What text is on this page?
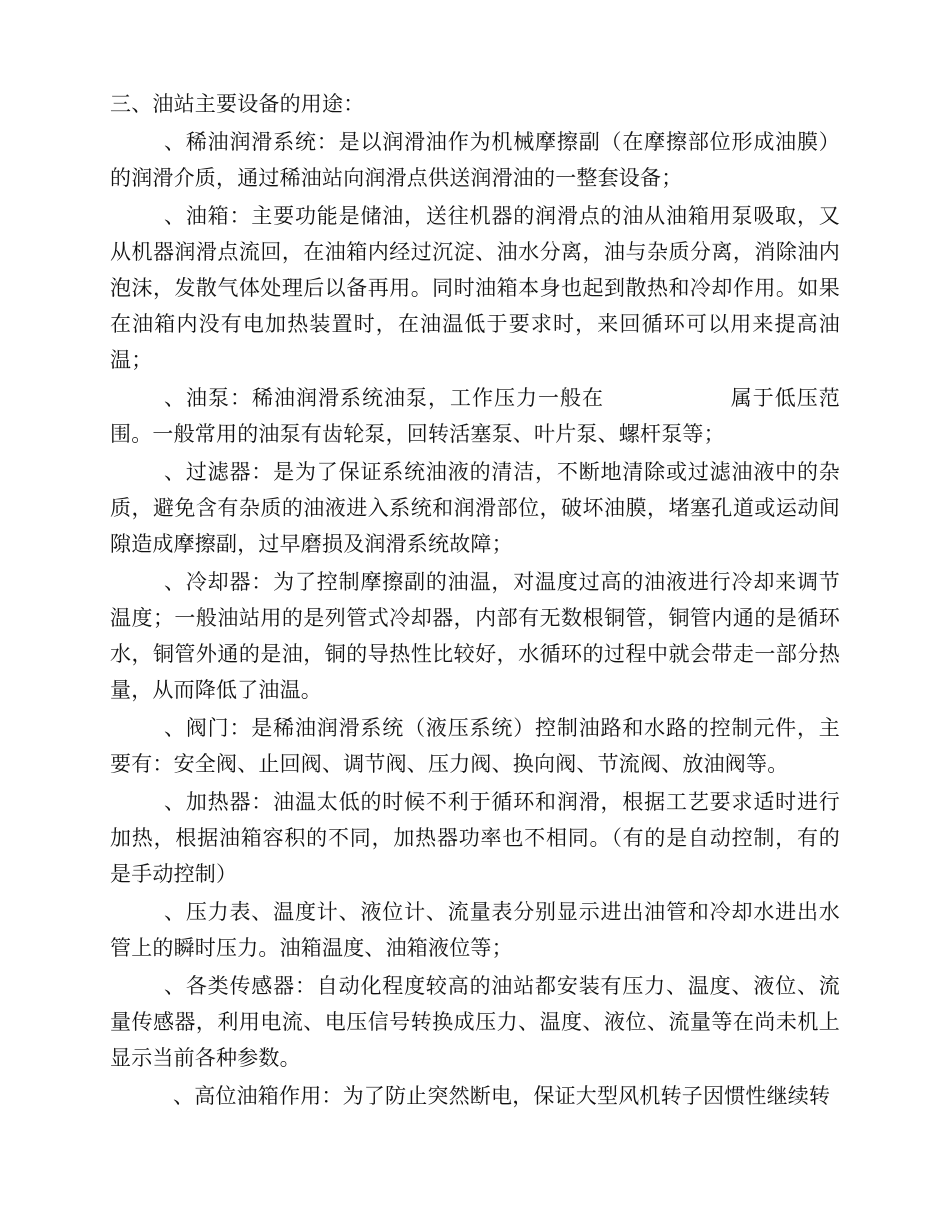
三、油站主要设备的用途：

、稀油润滑系统：是以润滑油作为机械摩擦副（在摩擦部位形成油膜）的润滑介质，通过稀油站向润滑点供送润滑油的一整套设备；

、油箱：主要功能是储油，送往机器的润滑点的油从油箱用泵吸取，又从机器润滑点流回，在油箱内经过沉淀、油水分离，油与杂质分离，消除油内泡沫，发散气体处理后以备再用。同时油箱本身也起到散热和冷却作用。如果在油箱内没有电加热装置时，在油温低于要求时，来回循环可以用来提高油温；

、油泵：稀油润滑系统油泵，工作压力一般在	属于低压范围。一般常用的油泵有齿轮泵，回转活塞泵、叶片泵、螺杆泵等；

、过滤器：是为了保证系统油液的清洁，不断地清除或过滤油液中的杂质，避免含有杂质的油液进入系统和润滑部位，破坏油膜，堵塞孔道或运动间隙造成摩擦副，过早磨损及润滑系统故障；

、冷却器：为了控制摩擦副的油温，对温度过高的油液进行冷却来调节温度；一般油站用的是列管式冷却器，内部有无数根铜管，铜管内通的是循环水，铜管外通的是油，铜的导热性比较好，水循环的过程中就会带走一部分热量，从而降低了油温。

、阀门：是稀油润滑系统（液压系统）控制油路和水路的控制元件，主要有：安全阀、止回阀、调节阀、压力阀、换向阀、节流阀、放油阀等。

、加热器：油温太低的时候不利于循环和润滑，根据工艺要求适时进行加热，根据油箱容积的不同，加热器功率也不相同。（有的是自动控制，有的是手动控制）

、压力表、温度计、液位计、流量表分别显示进出油管和冷却水进出水管上的瞬时压力。油箱温度、油箱液位等；

、各类传感器：自动化程度较高的油站都安装有压力、温度、液位、流量传感器，利用电流、电压信号转换成压力、温度、液位、流量等在尚未机上显示当前各种参数。

、高位油箱作用：为了防止突然断电，保证大型风机转子因惯性继续转
